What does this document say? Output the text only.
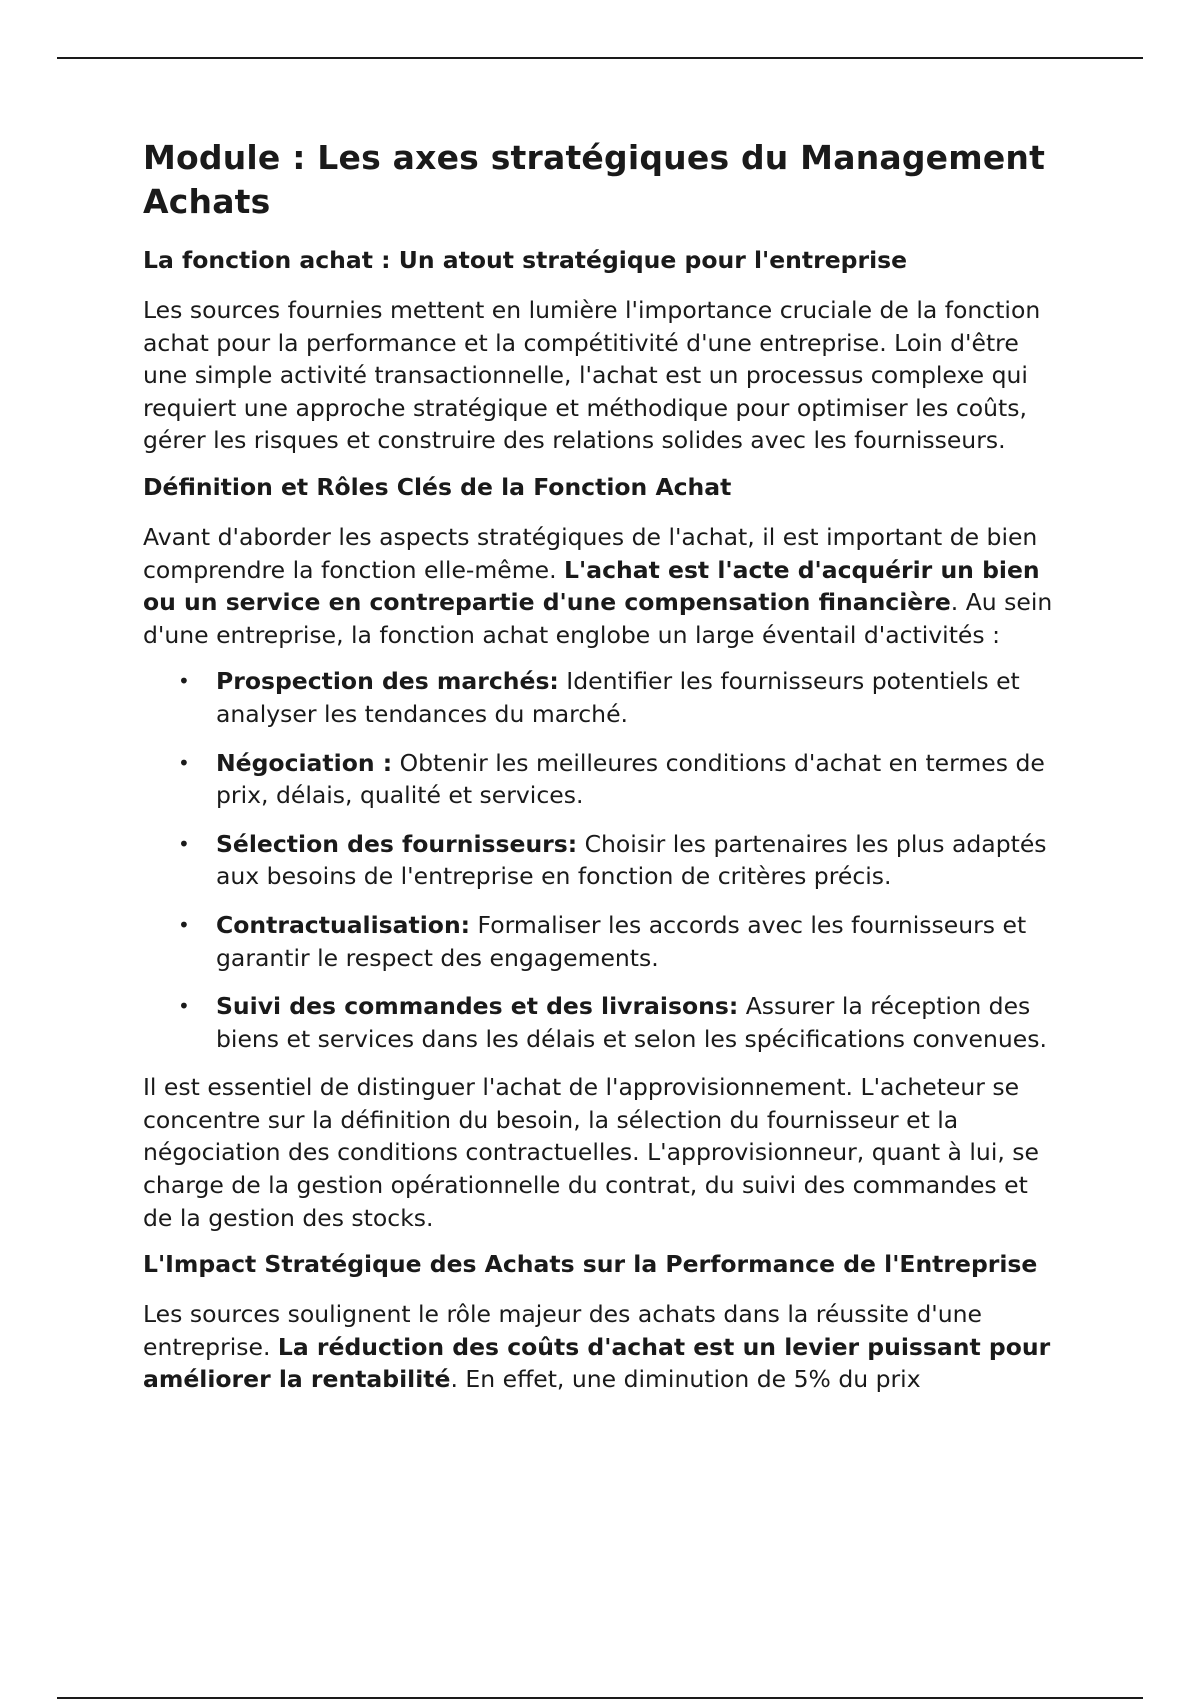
Module : Les axes stratégiques du Management Achats
La fonction achat : Un atout stratégique pour l'entreprise

Les sources fournies mettent en lumière l'importance cruciale de la fonction achat pour la performance et la compétitivité d'une entreprise. Loin d'être une simple activité transactionnelle, l'achat est un processus complexe qui requiert une approche stratégique et méthodique pour optimiser les coûts, gérer les risques et construire des relations solides avec les fournisseurs.

Définition et Rôles Clés de la Fonction Achat

Avant d'aborder les aspects stratégiques de l'achat, il est important de bien comprendre la fonction elle-même. L'achat est l'acte d'acquérir un bien ou un service en contrepartie d'une compensation financière. Au sein d'une entreprise, la fonction achat englobe un large éventail d'activités :

• Prospection des marchés: Identifier les fournisseurs potentiels et analyser les tendances du marché.
• Négociation : Obtenir les meilleures conditions d'achat en termes de prix, délais, qualité et services.
• Sélection des fournisseurs: Choisir les partenaires les plus adaptés aux besoins de l'entreprise en fonction de critères précis.
• Contractualisation: Formaliser les accords avec les fournisseurs et garantir le respect des engagements.
• Suivi des commandes et des livraisons: Assurer la réception des biens et services dans les délais et selon les spécifications convenues.

Il est essentiel de distinguer l'achat de l'approvisionnement. L'acheteur se concentre sur la définition du besoin, la sélection du fournisseur et la négociation des conditions contractuelles. L'approvisionneur, quant à lui, se charge de la gestion opérationnelle du contrat, du suivi des commandes et de la gestion des stocks.

L'Impact Stratégique des Achats sur la Performance de l'Entreprise

Les sources soulignent le rôle majeur des achats dans la réussite d'une entreprise. La réduction des coûts d'achat est un levier puissant pour améliorer la rentabilité. En effet, une diminution de 5% du prix
